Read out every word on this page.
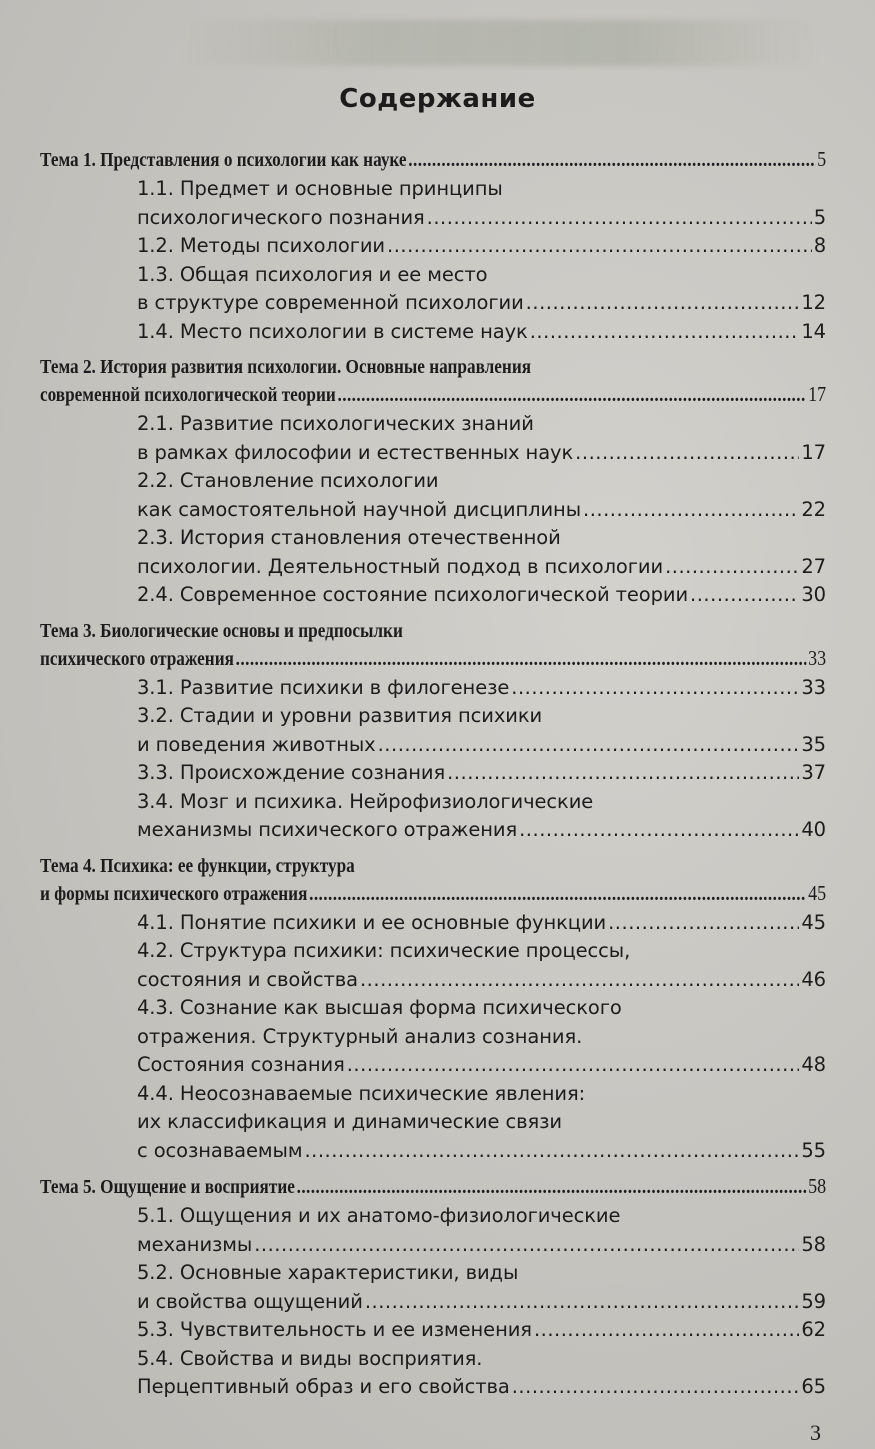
Содержание
Тема 1. Представления о психологии как науке .....	5
1.1. Предмет и основные принципы
психологического познания .....	5
1.2. Методы психологии .....	8
1.3. Общая психология и ее место
в структуре современной психологии .....	12
1.4. Место психологии в системе наук .....	14
Тема 2. История развития психологии. Основные направления
современной психологической теории .....	17
2.1. Развитие психологических знаний
в рамках философии и естественных наук .....	17
2.2. Становление психологии
как самостоятельной научной дисциплины .....	22
2.3. История становления отечественной
психологии. Деятельностный подход в психологии .....	27
2.4. Современное состояние психологической теории .....	30
Тема 3. Биологические основы и предпосылки
психического отражения .....	33
3.1. Развитие психики в филогенезе .....	33
3.2. Стадии и уровни развития психики
и поведения животных .....	35
3.3. Происхождение сознания .....	37
3.4. Мозг и психика. Нейрофизиологические
механизмы психического отражения .....	40
Тема 4. Психика: ее функции, структура
и формы психического отражения .....	45
4.1. Понятие психики и ее основные функции .....	45
4.2. Структура психики: психические процессы,
состояния и свойства .....	46
4.3. Сознание как высшая форма психического
отражения. Структурный анализ сознания.
Состояния сознания .....	48
4.4. Неосознаваемые психические явления:
их классификация и динамические связи
с осознаваемым .....	55
Тема 5. Ощущение и восприятие .....	58
5.1. Ощущения и их анатомо-физиологические
механизмы .....	58
5.2. Основные характеристики, виды
и свойства ощущений .....	59
5.3. Чувствительность и ее изменения .....	62
5.4. Свойства и виды восприятия.
Перцептивный образ и его свойства .....	65
3
